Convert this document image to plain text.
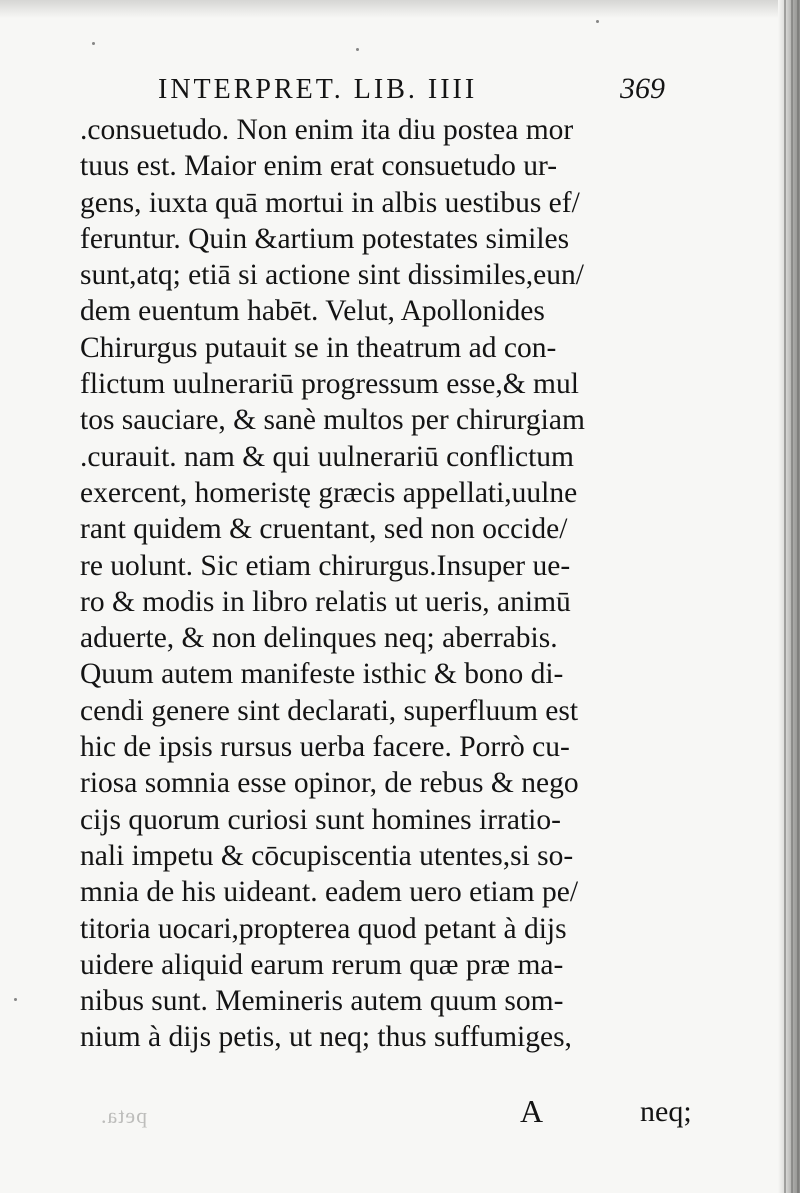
INTERPRET. LIB. IIII	369
.consuetudo. Non enim ita diu postea mor
tuus est. Maior enim erat consuetudo ur-
gens, iuxta quā mortui in albis uestibus ef/
feruntur. Quin &artium potestates similes
sunt,atq; etiā si actione sint dissimiles,eun/
dem euentum habēt. Velut, Apollonides
Chirurgus putauit se in theatrum ad con-
flictum uulnerariū progressum esse,& mul
tos sauciare, & sanè multos per chirurgiam
.curauit. nam & qui uulnerariū conflictum
exercent, homeristę græcis appellati,uulne
rant quidem & cruentant, sed non occide/
re uolunt. Sic etiam chirurgus.Insuper ue-
ro & modis in libro relatis ut ueris, animū
aduerte, & non delinques neq; aberrabis.
Quum autem manifeste isthic & bono di-
cendi genere sint declarati, superfluum est
hic de ipsis rursus uerba facere. Porrò cu-
riosa somnia esse opinor, de rebus & nego
cijs quorum curiosi sunt homines irratio-
nali impetu & cōcupiscentia utentes,si so-
mnia de his uideant. eadem uero etiam pe/
titoria uocari,propterea quod petant à dijs
uidere aliquid earum rerum quæ præ ma-
nibus sunt. Memineris autem quum som-
nium à dijs petis, ut neq; thus suffumiges,
peta.	A	neq;
